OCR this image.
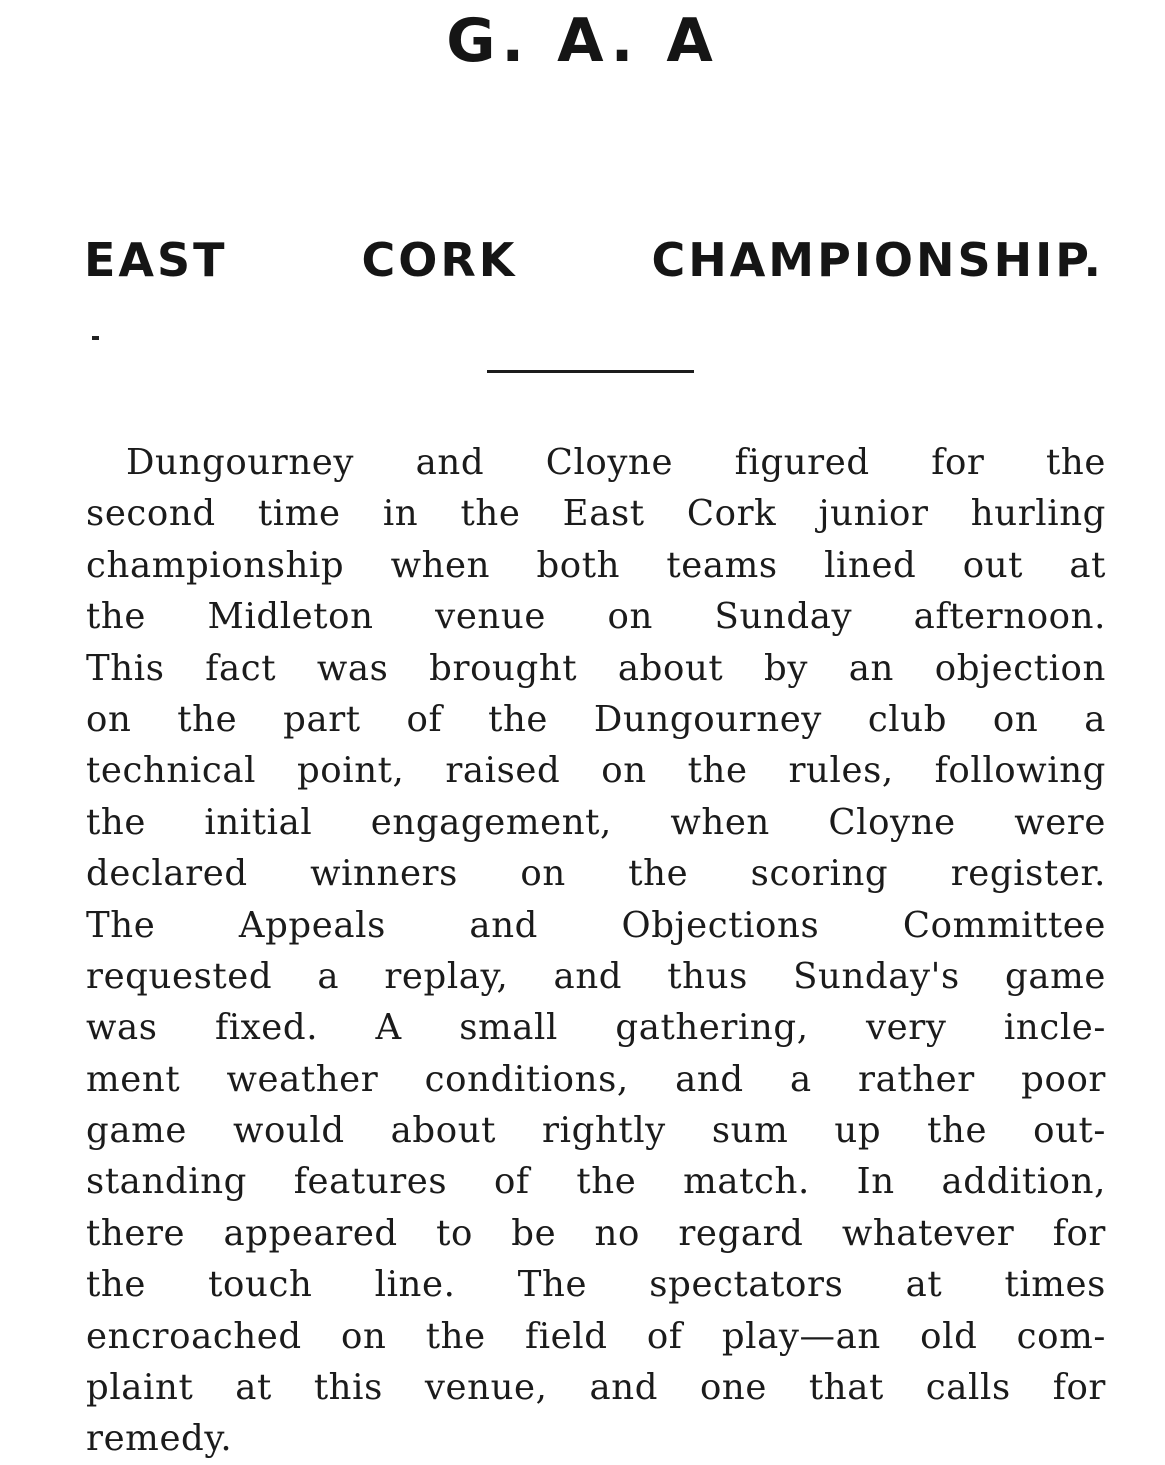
G. A. A
EAST CORK CHAMPIONSHIP.
Dungourney and Cloyne figured for the
second time in the East Cork junior hurling
championship when both teams lined out at
the Midleton venue on Sunday afternoon.
This fact was brought about by an objection
on the part of the Dungourney club on a
technical point, raised on the rules, following
the initial engagement, when Cloyne were
declared winners on the scoring register.
The Appeals and Objections Committee
requested a replay, and thus Sunday's game
was fixed. A small gathering, very incle-
ment weather conditions, and a rather poor
game would about rightly sum up the out-
standing features of the match. In addition,
there appeared to be no regard whatever for
the touch line. The spectators at times
encroached on the field of play—an old com-
plaint at this venue, and one that calls for
remedy.
